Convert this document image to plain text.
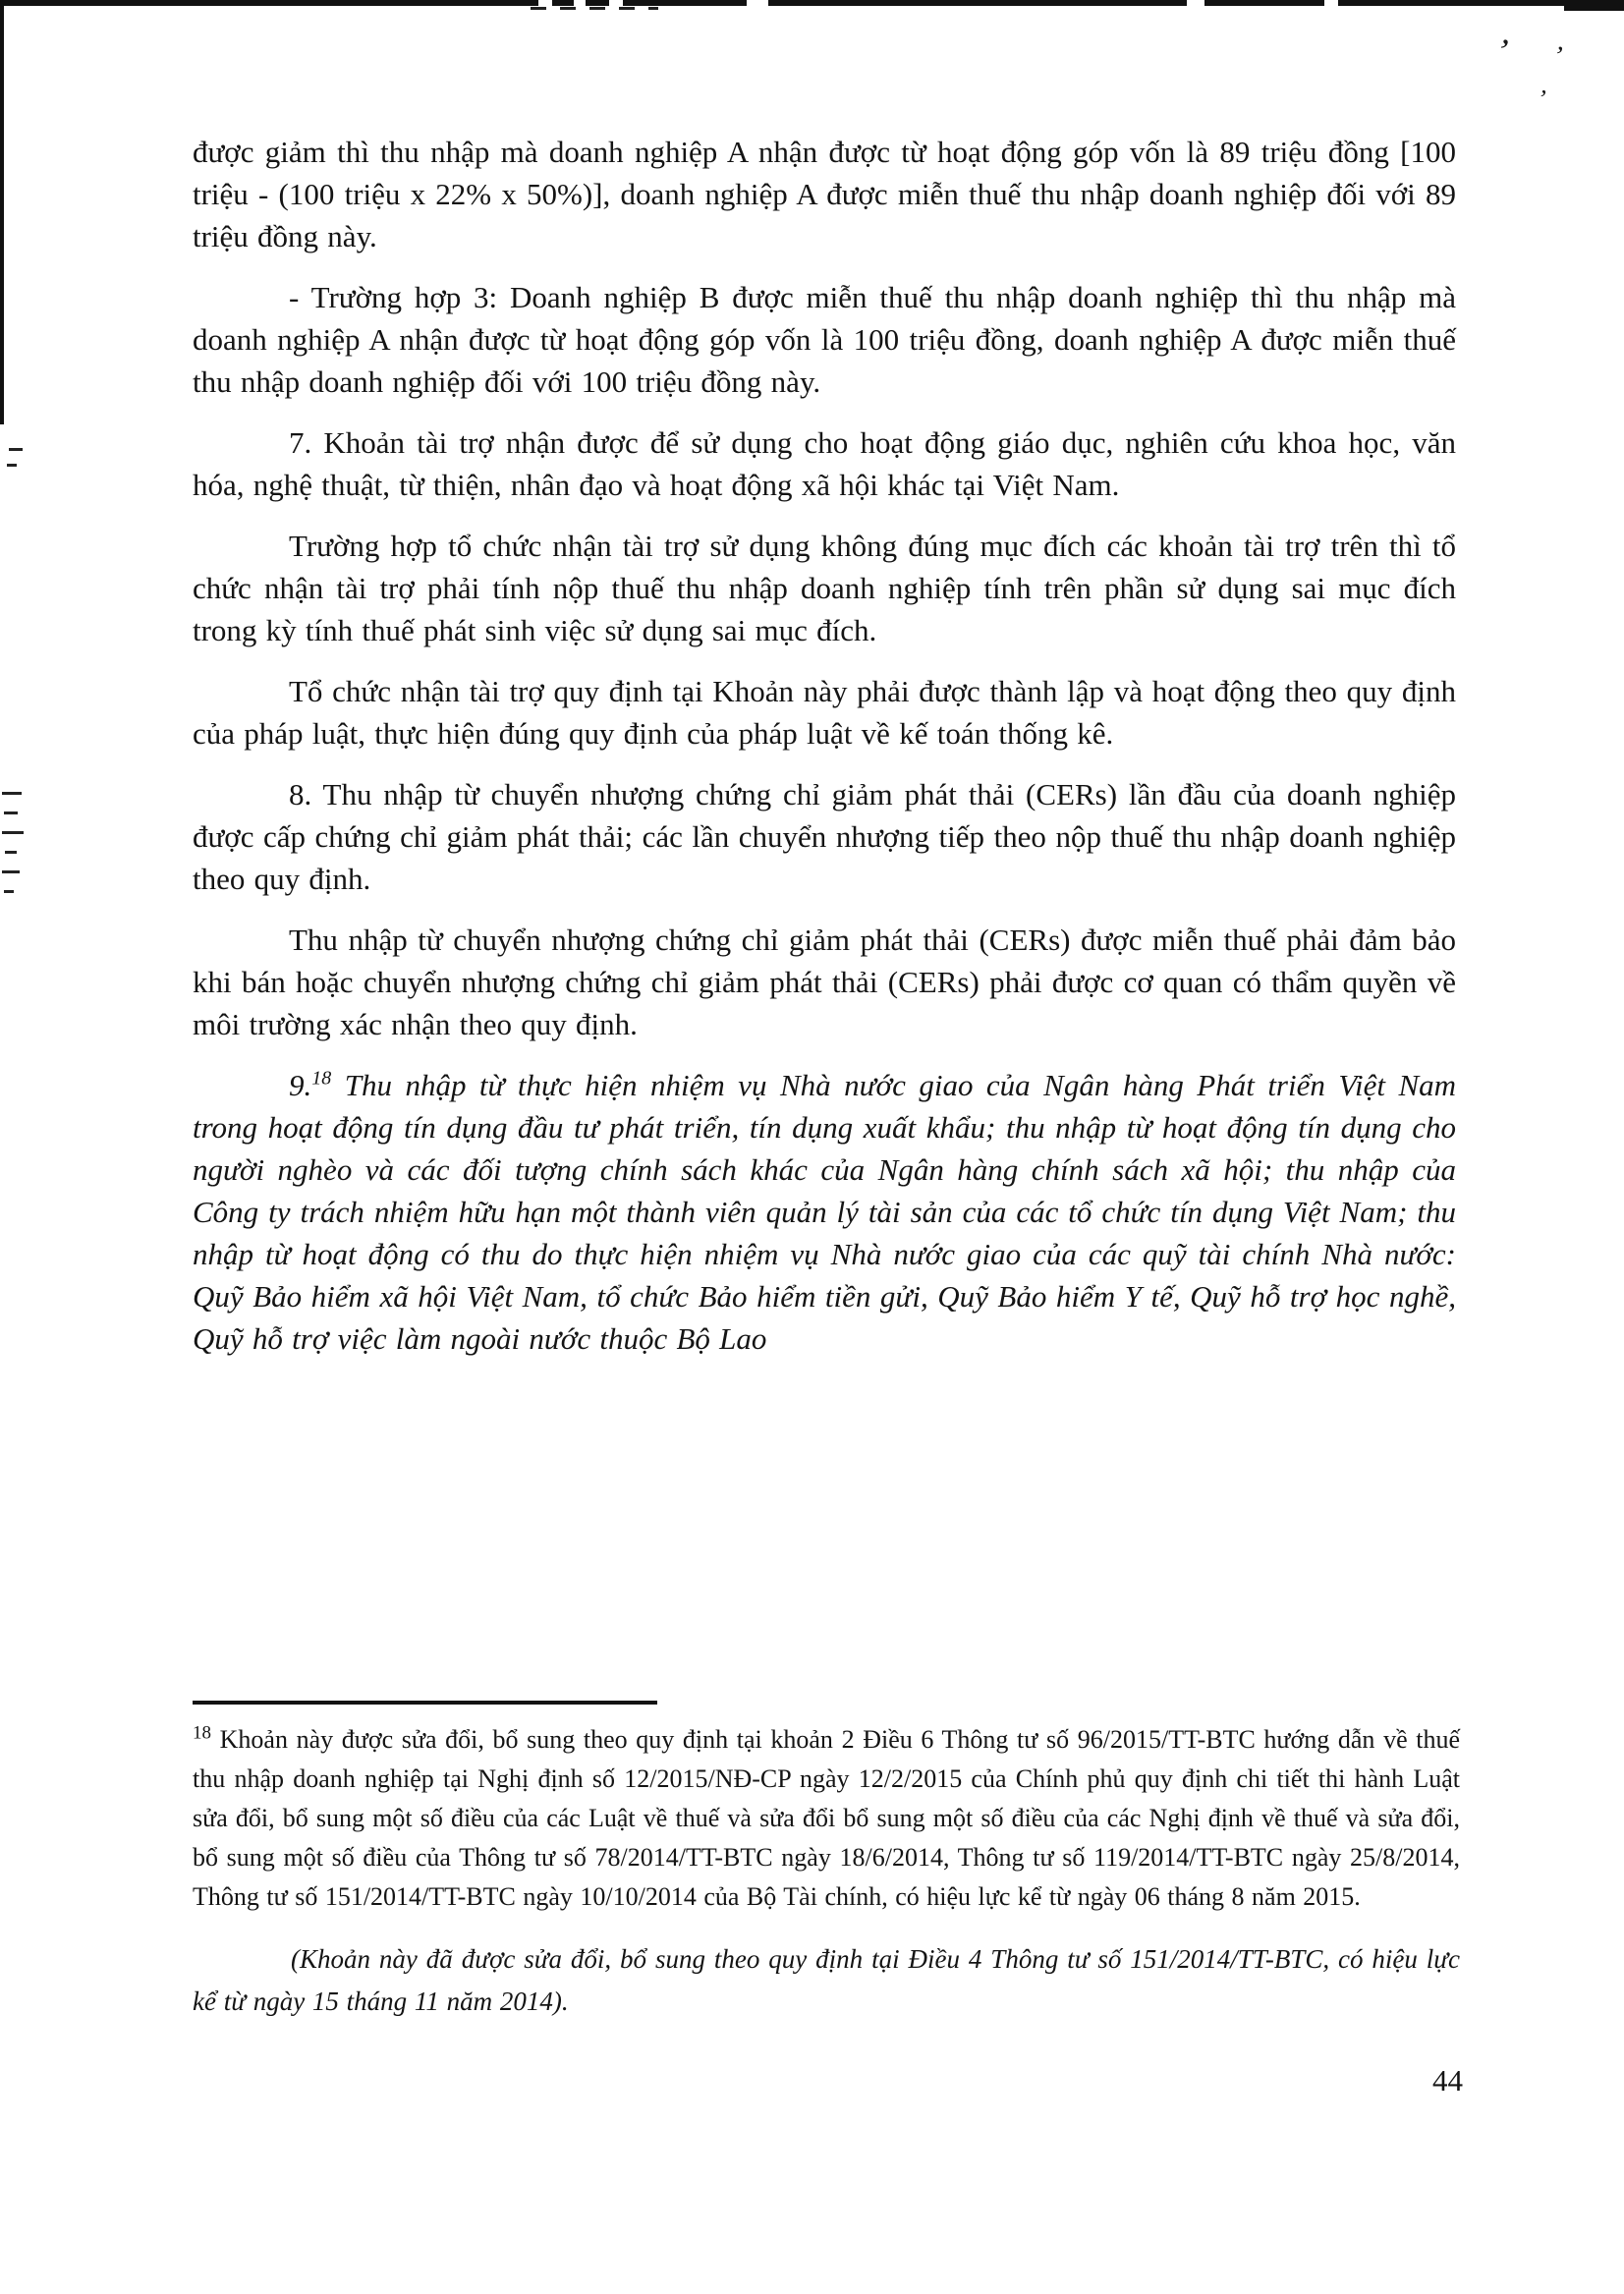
’ ’
’

được giảm thì thu nhập mà doanh nghiệp A nhận được từ hoạt động góp vốn là 89 triệu đồng [100 triệu - (100 triệu x 22% x 50%)], doanh nghiệp A được miễn thuế thu nhập doanh nghiệp đối với 89 triệu đồng này.

- Trường hợp 3: Doanh nghiệp B được miễn thuế thu nhập doanh nghiệp thì thu nhập mà doanh nghiệp A nhận được từ hoạt động góp vốn là 100 triệu đồng, doanh nghiệp A được miễn thuế thu nhập doanh nghiệp đối với 100 triệu đồng này.

7. Khoản tài trợ nhận được để sử dụng cho hoạt động giáo dục, nghiên cứu khoa học, văn hóa, nghệ thuật, từ thiện, nhân đạo và hoạt động xã hội khác tại Việt Nam.

Trường hợp tổ chức nhận tài trợ sử dụng không đúng mục đích các khoản tài trợ trên thì tổ chức nhận tài trợ phải tính nộp thuế thu nhập doanh nghiệp tính trên phần sử dụng sai mục đích trong kỳ tính thuế phát sinh việc sử dụng sai mục đích.

Tổ chức nhận tài trợ quy định tại Khoản này phải được thành lập và hoạt động theo quy định của pháp luật, thực hiện đúng quy định của pháp luật về kế toán thống kê.

8. Thu nhập từ chuyển nhượng chứng chỉ giảm phát thải (CERs) lần đầu của doanh nghiệp được cấp chứng chỉ giảm phát thải; các lần chuyển nhượng tiếp theo nộp thuế thu nhập doanh nghiệp theo quy định.

Thu nhập từ chuyển nhượng chứng chỉ giảm phát thải (CERs) được miễn thuế phải đảm bảo khi bán hoặc chuyển nhượng chứng chỉ giảm phát thải (CERs) phải được cơ quan có thẩm quyền về môi trường xác nhận theo quy định.

9.18 Thu nhập từ thực hiện nhiệm vụ Nhà nước giao của Ngân hàng Phát triển Việt Nam trong hoạt động tín dụng đầu tư phát triển, tín dụng xuất khẩu; thu nhập từ hoạt động tín dụng cho người nghèo và các đối tượng chính sách khác của Ngân hàng chính sách xã hội; thu nhập của Công ty trách nhiệm hữu hạn một thành viên quản lý tài sản của các tổ chức tín dụng Việt Nam; thu nhập từ hoạt động có thu do thực hiện nhiệm vụ Nhà nước giao của các quỹ tài chính Nhà nước: Quỹ Bảo hiểm xã hội Việt Nam, tổ chức Bảo hiểm tiền gửi, Quỹ Bảo hiểm Y tế, Quỹ hỗ trợ học nghề, Quỹ hỗ trợ việc làm ngoài nước thuộc Bộ Lao

$^{18}$ Khoản này được sửa đổi, bổ sung theo quy định tại khoản 2 Điều 6 Thông tư số 96/2015/TT-BTC hướng dẫn về thuế thu nhập doanh nghiệp tại Nghị định số 12/2015/NĐ-CP ngày 12/2/2015 của Chính phủ quy định chi tiết thi hành Luật sửa đổi, bổ sung một số điều của các Luật về thuế và sửa đổi bổ sung một số điều của các Nghị định về thuế và sửa đổi, bổ sung một số điều của Thông tư số 78/2014/TT-BTC ngày 18/6/2014, Thông tư số 119/2014/TT-BTC ngày 25/8/2014, Thông tư số 151/2014/TT-BTC ngày 10/10/2014 của Bộ Tài chính, có hiệu lực kể từ ngày 06 tháng 8 năm 2015.

(Khoản này đã được sửa đổi, bổ sung theo quy định tại Điều 4 Thông tư số 151/2014/TT-BTC, có hiệu lực kể từ ngày 15 tháng 11 năm 2014).

44
